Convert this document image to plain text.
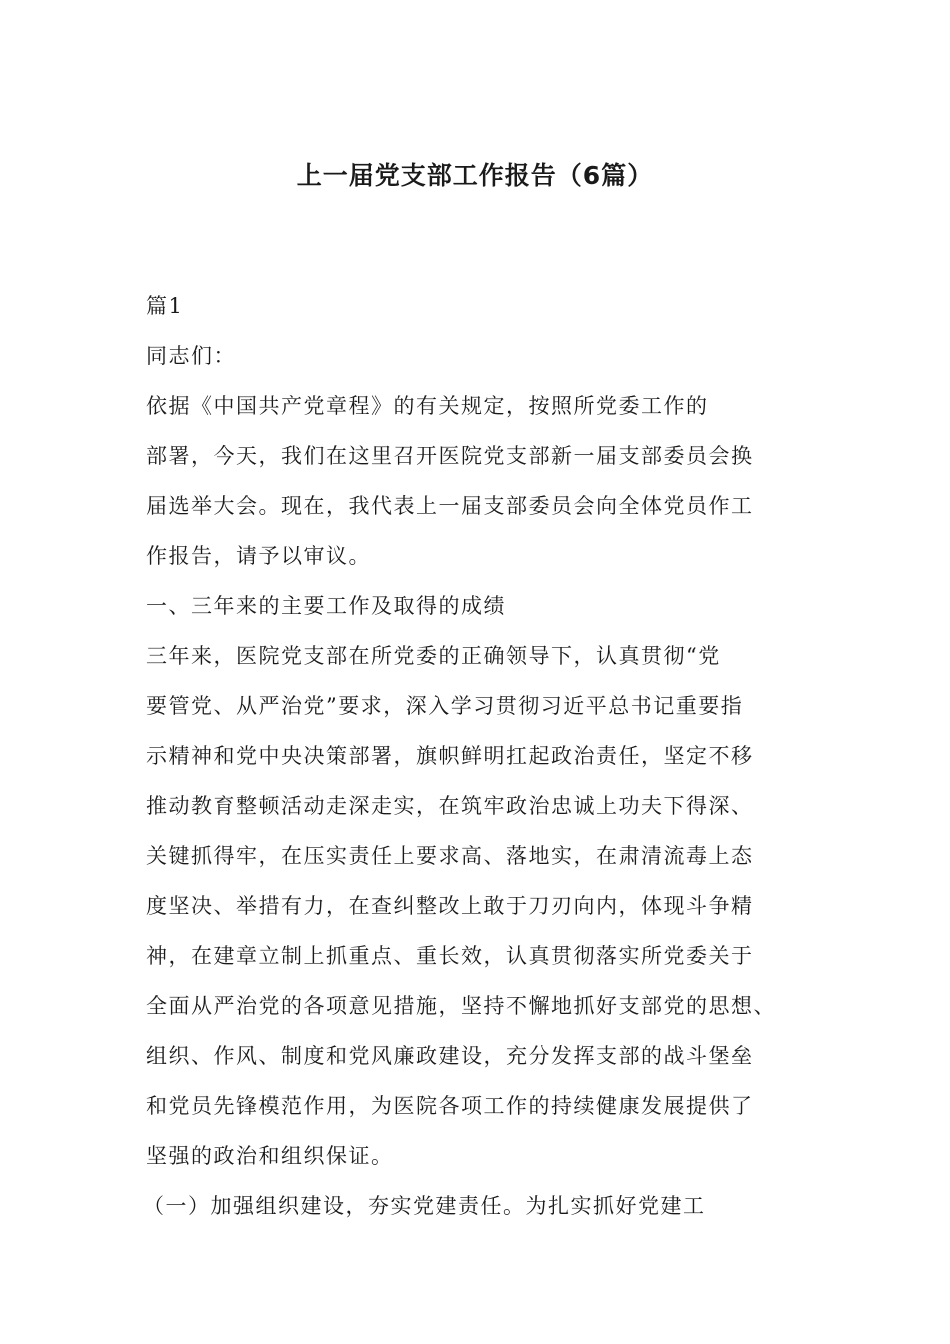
上一届党支部工作报告（6篇）
篇1
同志们：
依据《中国共产党章程》的有关规定，按照所党委工作的
部署，今天，我们在这里召开医院党支部新一届支部委员会换
届选举大会。现在，我代表上一届支部委员会向全体党员作工
作报告，请予以审议。
一、三年来的主要工作及取得的成绩
三年来，医院党支部在所党委的正确领导下，认真贯彻“党
要管党、从严治党”要求，深入学习贯彻习近平总书记重要指
示精神和党中央决策部署，旗帜鲜明扛起政治责任，坚定不移
推动教育整顿活动走深走实，在筑牢政治忠诚上功夫下得深、
关键抓得牢，在压实责任上要求高、落地实，在肃清流毒上态
度坚决、举措有力，在查纠整改上敢于刀刃向内，体现斗争精
神，在建章立制上抓重点、重长效，认真贯彻落实所党委关于
全面从严治党的各项意见措施，坚持不懈地抓好支部党的思想、
组织、作风、制度和党风廉政建设，充分发挥支部的战斗堡垒
和党员先锋模范作用，为医院各项工作的持续健康发展提供了
坚强的政治和组织保证。
（一）加强组织建设，夯实党建责任。为扎实抓好党建工
